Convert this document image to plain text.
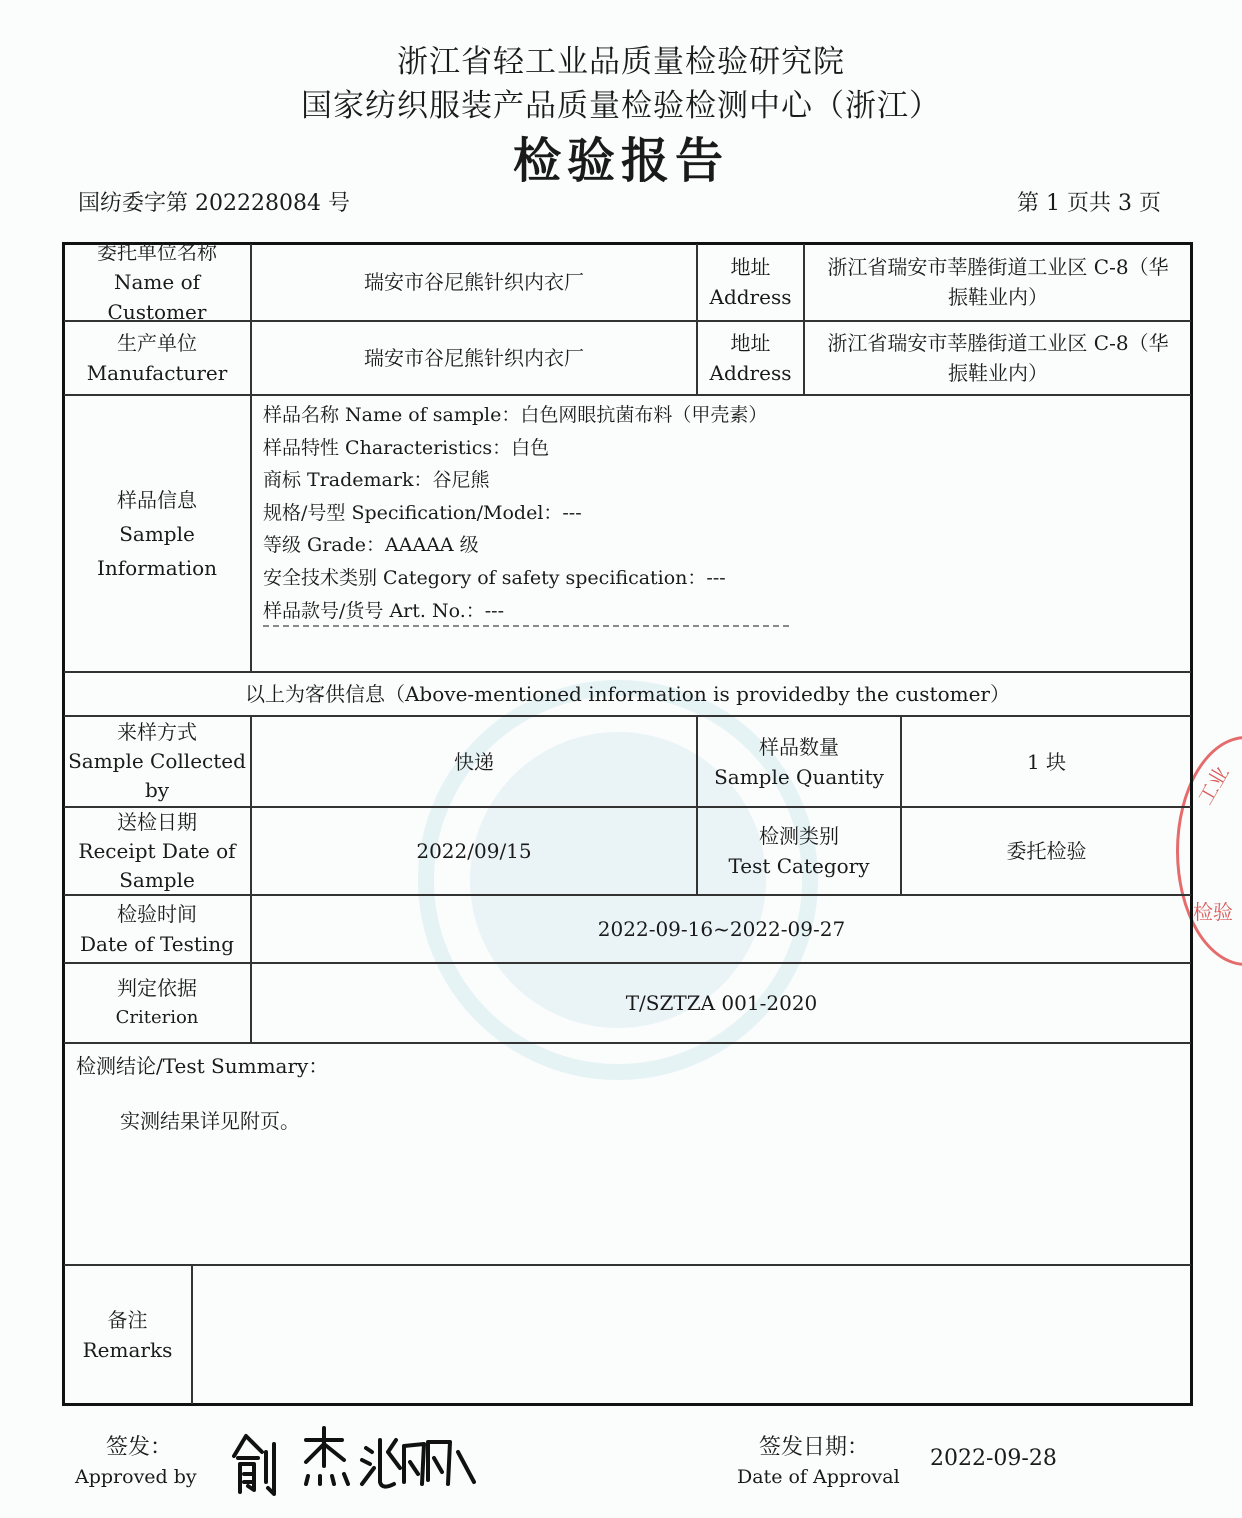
工业
检验
浙江省轻工业品质量检验研究院
国家纺织服装产品质量检验检测中心（浙江）
检验报告
国纺委字第 202228084 号	第 1 页共 3 页
委托单位名称
Name of Customer
瑞安市谷尼熊针织内衣厂
地址
Address
浙江省瑞安市莘塍街道工业区 C-8（华
振鞋业内）
生产单位
Manufacturer
瑞安市谷尼熊针织内衣厂
地址
Address
浙江省瑞安市莘塍街道工业区 C-8（华
振鞋业内）
样品信息
Sample
Information
样品名称 Name of sample：白色网眼抗菌布料（甲壳素）
样品特性 Characteristics：白色
商标 Trademark：谷尼熊
规格/号型 Specification/Model：---
等级 Grade：AAAAA 级
安全技术类别 Category of safety specification：---
样品款号/货号 Art. No.：---
以上为客供信息（Above-mentioned information is providedby the customer）
来样方式
Sample Collected
by
快递
样品数量
Sample Quantity
1 块
送检日期
Receipt Date of
Sample
2022/09/15
检测类别
Test Category
委托检验
检验时间
Date of Testing
2022-09-16~2022-09-27
判定依据
Criterion
T/SZTZA 001-2020
检测结论/Test Summary：
实测结果详见附页。
备注
Remarks
签发：
Approved by
签发日期：
Date of Approval
2022-09-28
